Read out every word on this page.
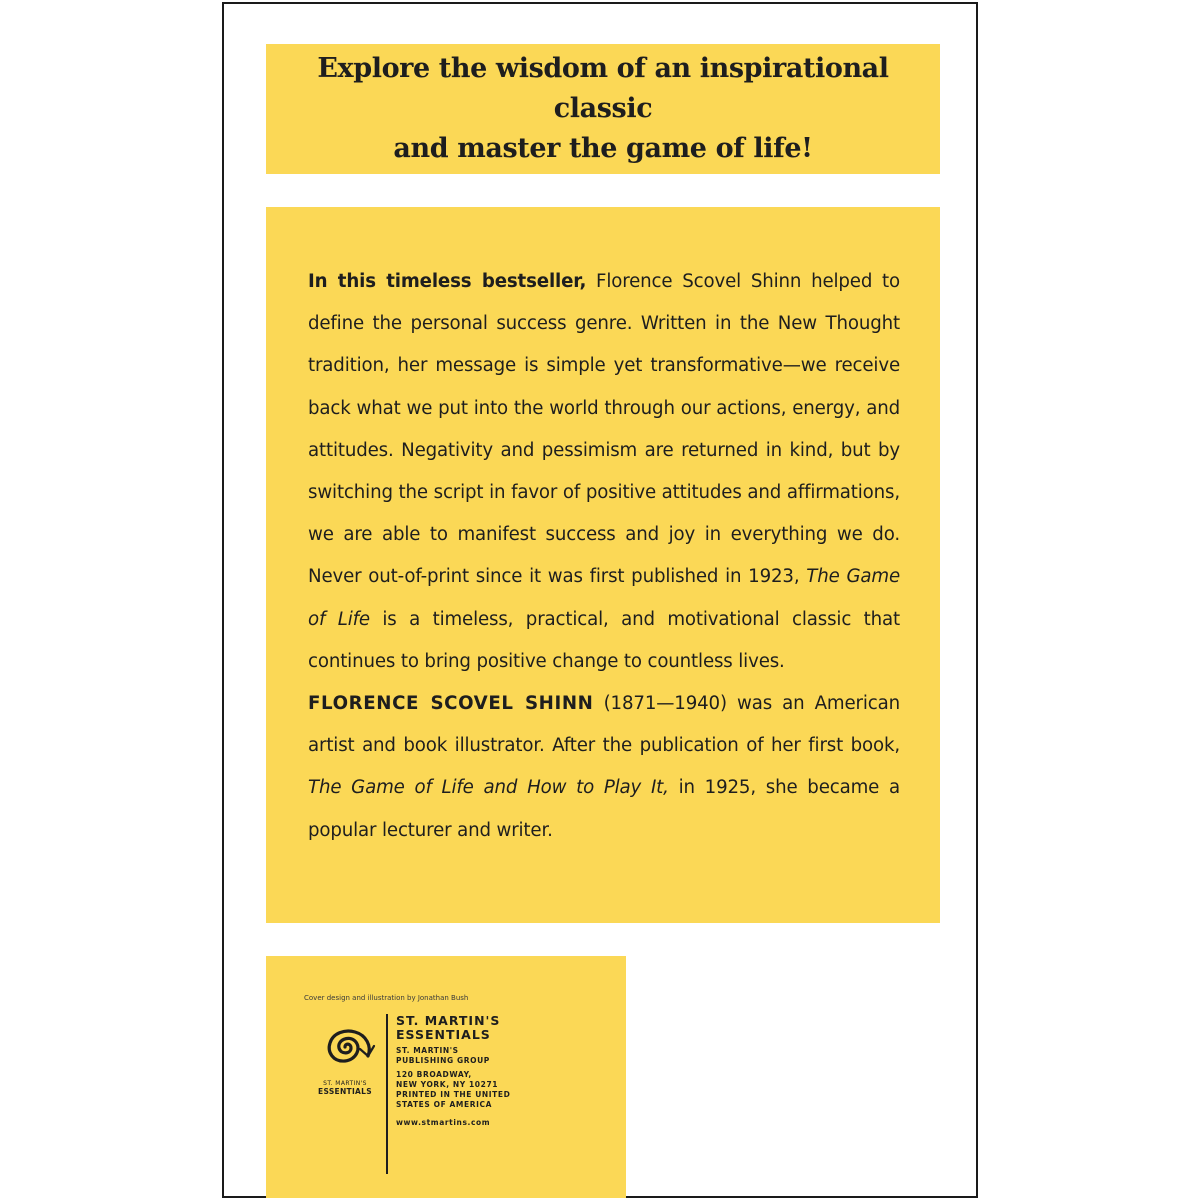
Explore the wisdom of an inspirational classic
and master the game of life!

In this timeless bestseller, Florence Scovel Shinn helped to define the personal success genre. Written in the New Thought tradition, her message is simple yet transformative—we receive back what we put into the world through our actions, energy, and attitudes. Negativity and pessimism are returned in kind, but by switching the script in favor of positive attitudes and affirmations, we are able to manifest success and joy in everything we do. Never out-of-print since it was first published in 1923, The Game of Life is a timeless, practical, and motivational classic that continues to bring positive change to countless lives.

FLORENCE SCOVEL SHINN (1871—1940) was an American artist and book illustrator. After the publication of her first book, The Game of Life and How to Play It, in 1925, she became a popular lecturer and writer.

Cover design and illustration by Jonathan Bush

ST. MARTIN'S
ESSENTIALS

ST. MARTIN'S

ESSENTIALS

ST. MARTIN'S

PUBLISHING GROUP

120 BROADWAY,

NEW YORK, NY 10271

PRINTED IN THE UNITED

STATES OF AMERICA

www.stmartins.com
